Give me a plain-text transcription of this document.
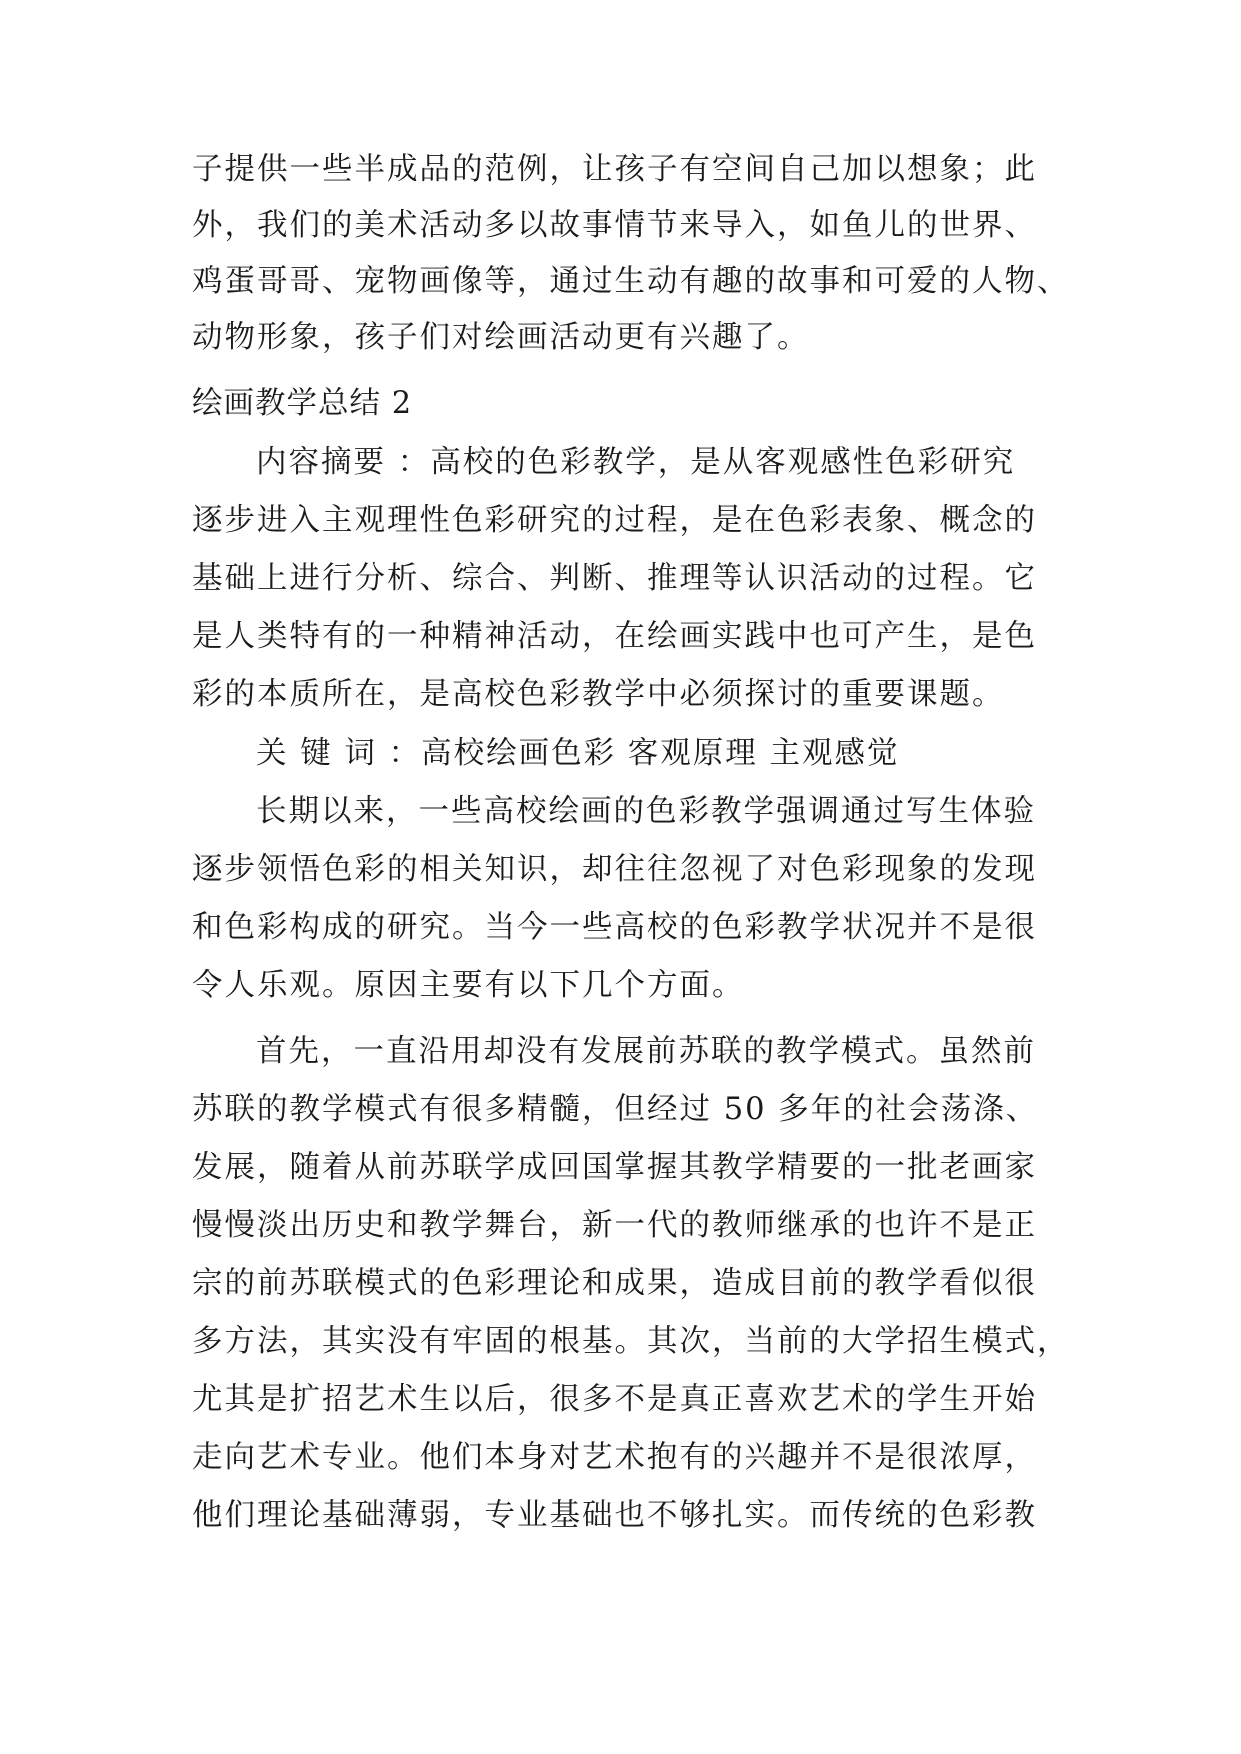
子提供一些半成品的范例，让孩子有空间自己加以想象；此
外，我们的美术活动多以故事情节来导入，如鱼儿的世界、
鸡蛋哥哥、宠物画像等，通过生动有趣的故事和可爱的人物、
动物形象，孩子们对绘画活动更有兴趣了。
绘画教学总结 2
内容摘要 ：高校的色彩教学，是从客观感性色彩研究
逐步进入主观理性色彩研究的过程，是在色彩表象、概念的
基础上进行分析、综合、判断、推理等认识活动的过程。它
是人类特有的一种精神活动，在绘画实践中也可产生，是色
彩的本质所在，是高校色彩教学中必须探讨的重要课题。
关 键 词 ：高校绘画色彩 客观原理 主观感觉
长期以来，一些高校绘画的色彩教学强调通过写生体验
逐步领悟色彩的相关知识，却往往忽视了对色彩现象的发现
和色彩构成的研究。当今一些高校的色彩教学状况并不是很
令人乐观。原因主要有以下几个方面。
首先，一直沿用却没有发展前苏联的教学模式。虽然前
苏联的教学模式有很多精髓，但经过 50 多年的社会荡涤、
发展，随着从前苏联学成回国掌握其教学精要的一批老画家
慢慢淡出历史和教学舞台，新一代的教师继承的也许不是正
宗的前苏联模式的色彩理论和成果，造成目前的教学看似很
多方法，其实没有牢固的根基。其次，当前的大学招生模式，
尤其是扩招艺术生以后，很多不是真正喜欢艺术的学生开始
走向艺术专业。他们本身对艺术抱有的兴趣并不是很浓厚，
他们理论基础薄弱，专业基础也不够扎实。而传统的色彩教
